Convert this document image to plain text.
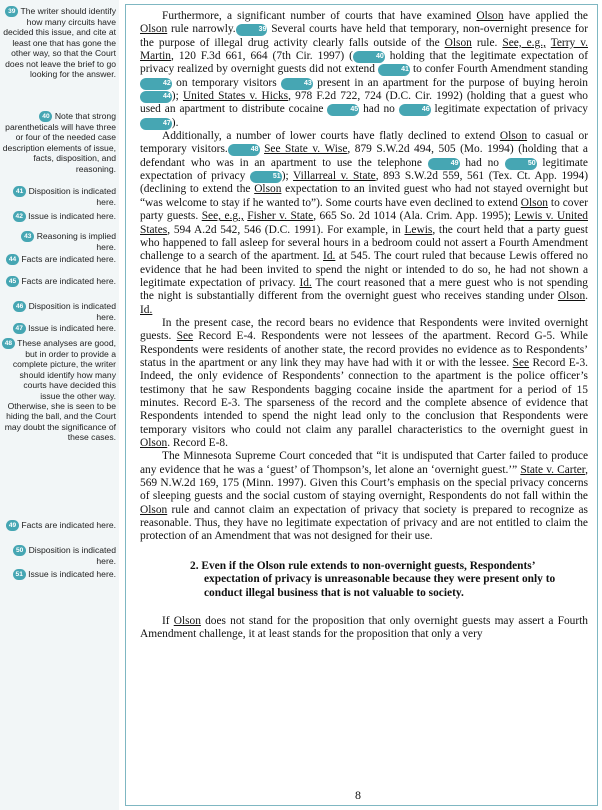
39 The writer should identify how many circuits have decided this issue, and cite at least one that has gone the other way, so that the Court does not leave the brief to go looking for the answer.
40 Note that strong parentheticals will have three or four of the needed case description elements of issue, facts, disposition, and reasoning.
41 Disposition is indicated here.
42 Issue is indicated here.
43 Reasoning is implied here.
44 Facts are indicated here.
45 Facts are indicated here.
46 Disposition is indicated here.
47 Issue is indicated here.
48 These analyses are good, but in order to provide a complete picture, the writer should identify how many courts have decided this issue the other way. Otherwise, she is seen to be hiding the ball, and the Court may doubt the significance of these cases.
49 Facts are indicated here.
50 Disposition is indicated here.
51 Issue is indicated here.

Furthermore, a significant number of courts that have examined Olson have applied the Olson rule narrowly.	39 Several courts have held that temporary, non-overnight presence for the purpose of illegal drug activity clearly falls outside of the Olson rule. See, e.g., Terry v. Martin, 120 F.3d 661, 664 (7th Cir. 1997) (	40 holding that the legitimate expectation of privacy realized by overnight guests did not extend	41 to confer Fourth Amendment standing 42 on temporary visitors	43 present in an apartment for the purpose of buying heroin 44); United States v. Hicks, 978 F.2d 722, 724 (D.C. Cir. 1992) (holding that a guest who used an apartment to distribute cocaine	45 had no	46 legitimate expectation of privacy 47).

Additionally, a number of lower courts have flatly declined to extend Olson to casual or temporary visitors.	48 See State v. Wise, 879 S.W.2d 494, 505 (Mo. 1994) (holding that a defendant who was in an apartment to use the telephone	49 had no	50 legitimate expectation of privacy	51); Villarreal v. State, 893 S.W.2d 559, 561 (Tex. Ct. App. 1994) (declining to extend the Olson expectation to an invited guest who had not stayed overnight but “was welcome to stay if he wanted to”). Some courts have even declined to extend Olson to cover party guests. See, e.g., Fisher v. State, 665 So. 2d 1014 (Ala. Crim. App. 1995); Lewis v. United States, 594 A.2d 542, 546 (D.C. 1991). For example, in Lewis, the court held that a party guest who happened to fall asleep for several hours in a bedroom could not assert a Fourth Amendment challenge to a search of the apartment. Id. at 545. The court ruled that because Lewis offered no evidence that he had been invited to spend the night or intended to do so, he had not shown a legitimate expectation of privacy. Id. The court reasoned that a mere guest who is not spending the night is substantially different from the overnight guest who receives standing under Olson. Id.

In the present case, the record bears no evidence that Respondents were invited overnight guests. See Record E-4. Respondents were not lessees of the apartment. Record G-5. While Respondents were residents of another state, the record provides no evidence as to Respondents’ status in the apartment or any link they may have had with it or with the lessee. See Record E-3. Indeed, the only evidence of Respondents’ connection to the apartment is the police officer’s testimony that he saw Respondents bagging cocaine inside the apartment for a period of 15 minutes. Record E-3. The sparseness of the record and the complete absence of evidence that Respondents intended to spend the night lead only to the conclusion that Respondents were temporary visitors who could not claim any parallel characteristics to the overnight guest in Olson. Record E-8.

The Minnesota Supreme Court conceded that “it is undisputed that Carter failed to produce any evidence that he was a ‘guest’ of Thompson’s, let alone an ‘overnight guest.’” State v. Carter, 569 N.W.2d 169, 175 (Minn. 1997). Given this Court’s emphasis on the special privacy concerns of sleeping guests and the social custom of staying overnight, Respondents do not fall within the Olson rule and cannot claim an expectation of privacy that society is prepared to recognize as reasonable. Thus, they have no legitimate expectation of privacy and are not entitled to claim the protection of an Amendment that was not designed for their use.

2. Even if the Olson rule extends to non-overnight guests, Respondents’ expectation of privacy is unreasonable because they were present only to conduct illegal business that is not valuable to society.

If Olson does not stand for the proposition that only overnight guests may assert a Fourth Amendment challenge, it at least stands for the proposition that only a very

8
